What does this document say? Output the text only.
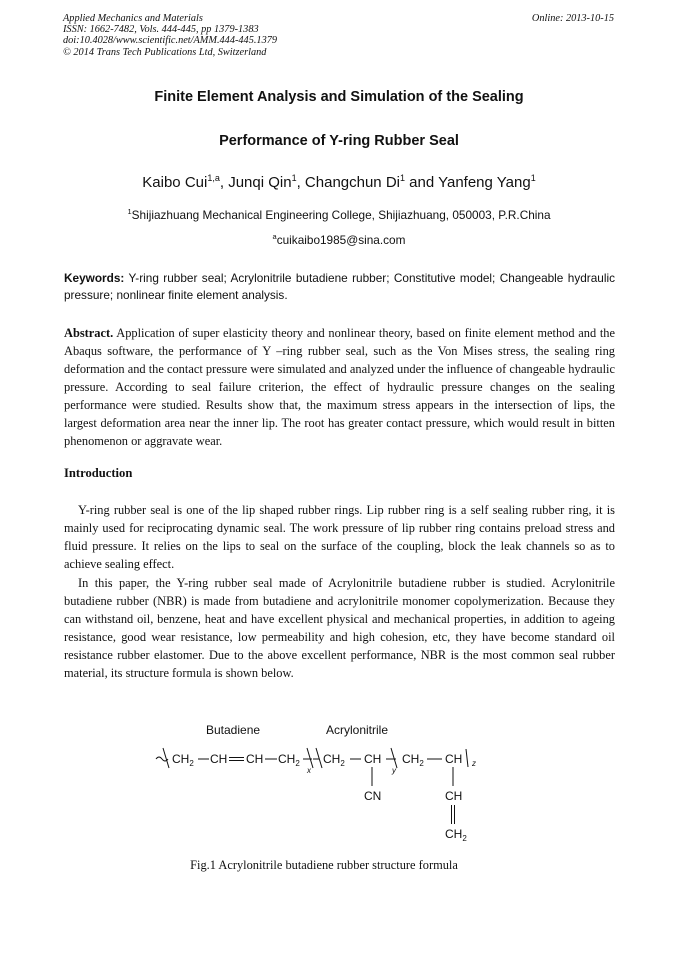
Applied Mechanics and Materials
ISSN: 1662-7482, Vols. 444-445, pp 1379-1383
doi:10.4028/www.scientific.net/AMM.444-445.1379
© 2014 Trans Tech Publications Ltd, Switzerland
Online: 2013-10-15
Finite Element Analysis and Simulation of the Sealing
Performance of Y-ring Rubber Seal
Kaibo Cui$^{1,a}$, Junqi Qin$^1$, Changchun Di$^1$ and Yanfeng Yang$^1$
$^1$Shijiazhuang Mechanical Engineering College, Shijiazhuang, 050003, P.R.China
$^a$cuikaibo1985@sina.com
Keywords: Y-ring rubber seal; Acrylonitrile butadiene rubber; Constitutive model; Changeable hydraulic pressure; nonlinear finite element analysis.
Abstract. Application of super elasticity theory and nonlinear theory, based on finite element method and the Abaqus software, the performance of Y –ring rubber seal, such as the Von Mises stress, the sealing ring deformation and the contact pressure were simulated and analyzed under the influence of changeable hydraulic pressure. According to seal failure criterion, the effect of hydraulic pressure changes on the sealing performance were studied. Results show that, the maximum stress appears in the intersection of lips, the largest deformation area near the inner lip. The root has greater contact pressure, which would result in bitten phenomenon or aggravate wear.
Introduction
Y-ring rubber seal is one of the lip shaped rubber rings. Lip rubber ring is a self sealing rubber ring, it is mainly used for reciprocating dynamic seal. The work pressure of lip rubber ring contains preload stress and fluid pressure. It relies on the lips to seal on the surface of the coupling, block the leak channels so as to achieve sealing effect.
In this paper, the Y-ring rubber seal made of Acrylonitrile butadiene rubber is studied. Acrylonitrile butadiene rubber (NBR) is made from butadiene and acrylonitrile monomer copolymerization. Because they can withstand oil, benzene, heat and have excellent physical and mechanical properties, in addition to ageing resistance, good wear resistance, low permeability and high cohesion, etc, they have become standard oil resistance rubber elastomer. Due to the above excellent performance, NBR is the most common seal rubber material, its structure formula is shown below.
Butadiene	Acrylonitrile
$CH_2$ CH CH $CH_2$
x
$CH_2$ CH
y
$CH_2$ CH z
CN	CH
$CH_2$
Fig.1 Acrylonitrile butadiene rubber structure formula
